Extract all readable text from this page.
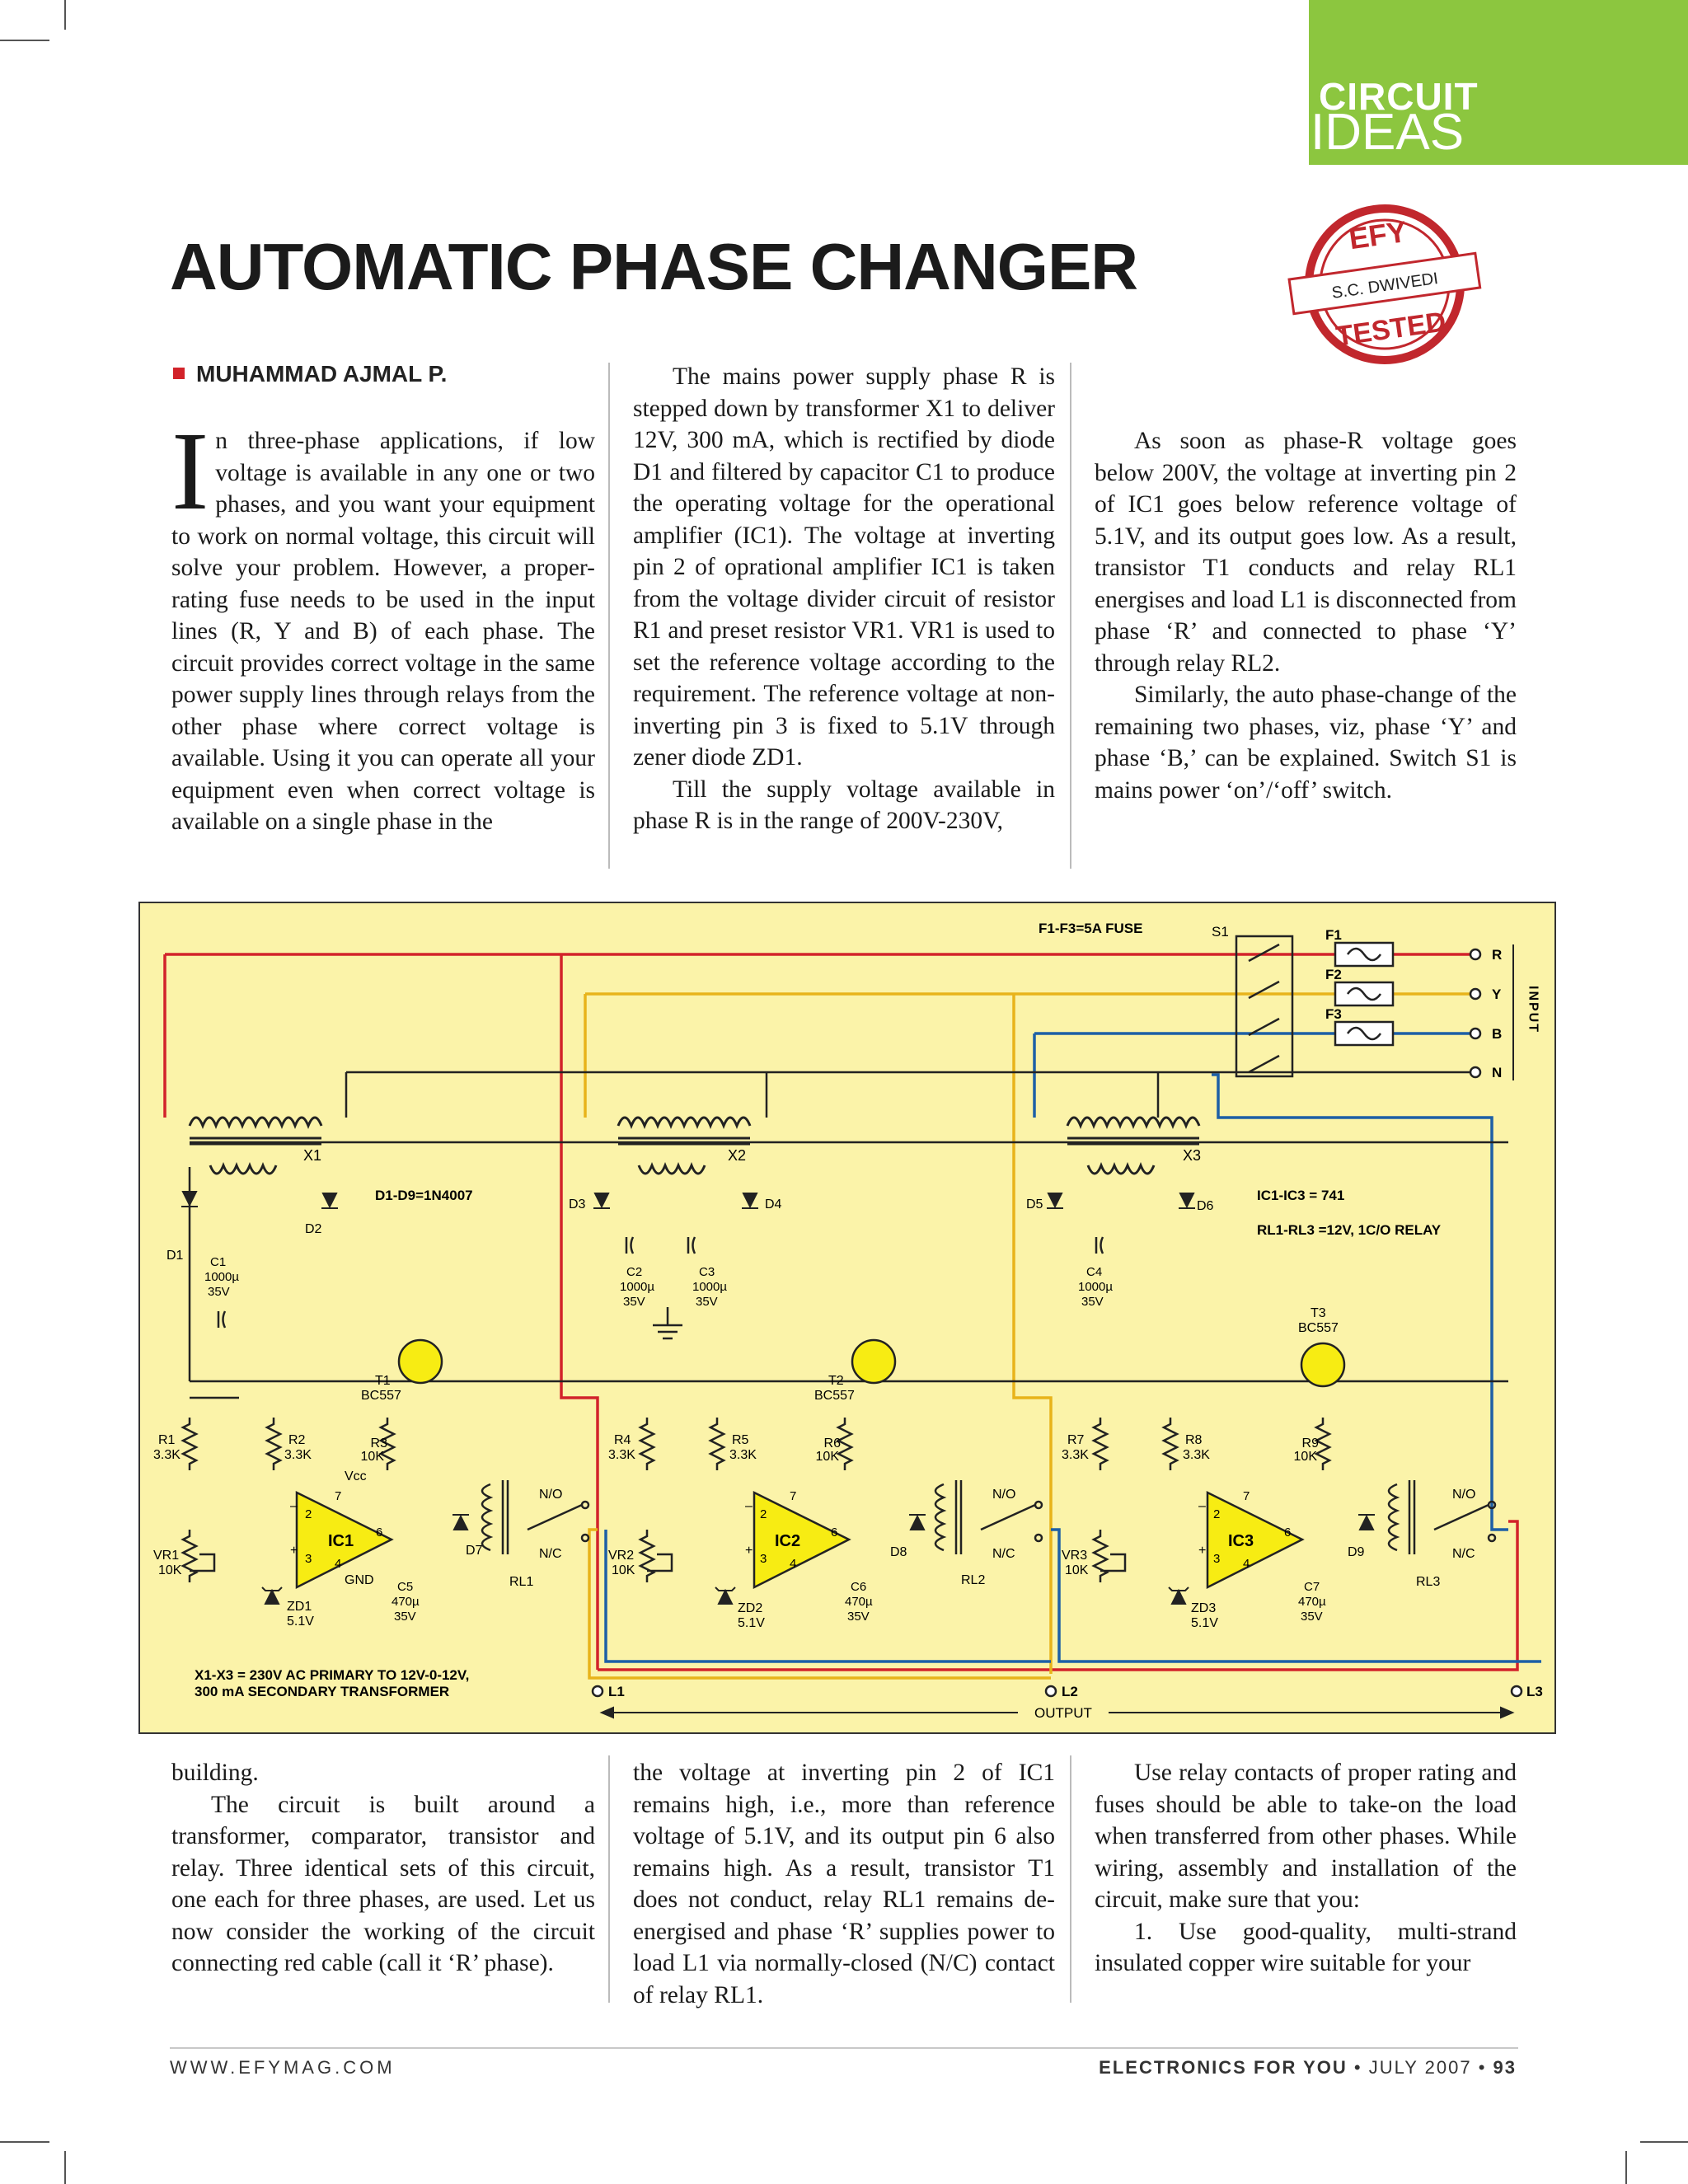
CIRCUIT
IDEAS
AUTOMATIC PHASE CHANGER	EFY
S.C. DWIVEDI
TESTED
MUHAMMAD AJMAL P.

In three-phase applications, if low voltage is available in any one or two phases, and you want your equipment to work on normal voltage, this circuit will solve your problem. However, a proper-rating fuse needs to be used in the input lines (R, Y and B) of each phase. The circuit provides correct voltage in the same power supply lines through relays from the other phase where correct voltage is available. Using it you can operate all your equipment even when correct voltage is available on a single phase in the

The mains power supply phase R is stepped down by transformer X1 to deliver 12V, 300 mA, which is rectified by diode D1 and filtered by capacitor C1 to produce the operating voltage for the operational amplifier (IC1). The voltage at inverting pin 2 of oprational amplifier IC1 is taken from the voltage divider circuit of resistor R1 and preset resistor VR1. VR1 is used to set the reference voltage according to the requirement. The reference voltage at non-inverting pin 3 is fixed to 5.1V through zener diode ZD1.

Till the supply voltage available in phase R is in the range of 200V-230V,

As soon as phase-R voltage goes below 200V, the voltage at inverting pin 2 of IC1 goes below reference voltage of 5.1V, and its output goes low. As a result, transistor T1 conducts and relay RL1 energises and load L1 is disconnected from phase ‘R’ and connected to phase ‘Y’ through relay RL2.

Similarly, the auto phase-change of the remaining two phases, viz, phase ‘Y’ and phase ‘B,’ can be explained. Switch S1 is mains power ‘on’/‘off’ switch.

X1	X2	X3
S1
F1-F3=5A FUSE	F1
F2
F3
R
Y
B
N
INPUT
D1-D9=1N4007	IC1-IC3 = 741
RL1-RL3 =12V, 1C/O RELAY
D1
D2
D3	D4	D5	D6
D7	D8	D9
C1
1000µ
35V
C2
1000µ
35V
C3
1000µ
35V
C4
1000µ
35V
T1
BC557
T2
BC557
T3
BC557
R1
3.3K
R2
3.3K
R3
10K
R4
3.3K
R5
3.3K
R6
10K
R7
3.3K
R8
3.3K
R9
10K
VR1
10K
VR2
10K
VR3
10K
IC1	IC2	IC3
2
3
7
4
6
–
+
2
3
7
4
6
–
+
2
3
7
4
6
–
+
Vcc
GND
ZD1
5.1V
ZD2
5.1V
ZD3
5.1V
C5
470µ
35V
C6
470µ
35V
C7
470µ
35V
N/O
N/C
RL1
N/O
N/C
RL2
N/O
N/C
RL3
L1	L2	L3
OUTPUT
X1-X3 = 230V AC PRIMARY TO 12V-0-12V,
300 mA SECONDARY TRANSFORMER

building.

The circuit is built around a transformer, comparator, transistor and relay. Three identical sets of this circuit, one each for three phases, are used. Let us now consider the working of the circuit connecting red cable (call it ‘R’ phase).

the voltage at inverting pin 2 of IC1 remains high, i.e., more than reference voltage of 5.1V, and its output pin 6 also remains high. As a result, transistor T1 does not conduct, relay RL1 remains de-energised and phase ‘R’ supplies power to load L1 via normally-closed (N/C) contact of relay RL1.

Use relay contacts of proper rating and fuses should be able to take-on the load when transferred from other phases. While wiring, assembly and installation of the circuit, make sure that you:

1. Use good-quality, multi-strand insulated copper wire suitable for your

WWW.EFYMAG.COM	ELECTRONICS FOR YOU • JULY 2007 • 93
